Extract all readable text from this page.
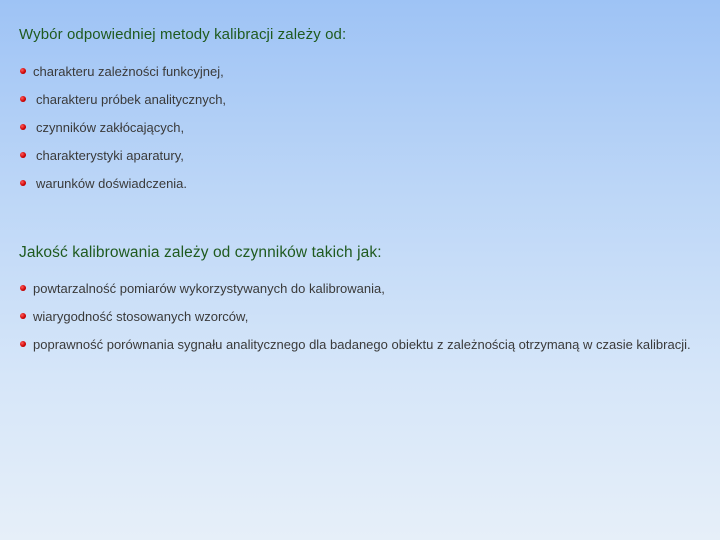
Wybór odpowiedniej metody kalibracji zależy od:
charakteru zależności funkcyjnej,
charakteru próbek analitycznych,
czynników zakłócających,
charakterystyki aparatury,
warunków doświadczenia.
Jakość kalibrowania zależy od czynników takich jak:
powtarzalność pomiarów wykorzystywanych do kalibrowania,
wiarygodność stosowanych wzorców,
poprawność porównania sygnału analitycznego dla badanego obiektu z zależnością otrzymaną w czasie kalibracji.
